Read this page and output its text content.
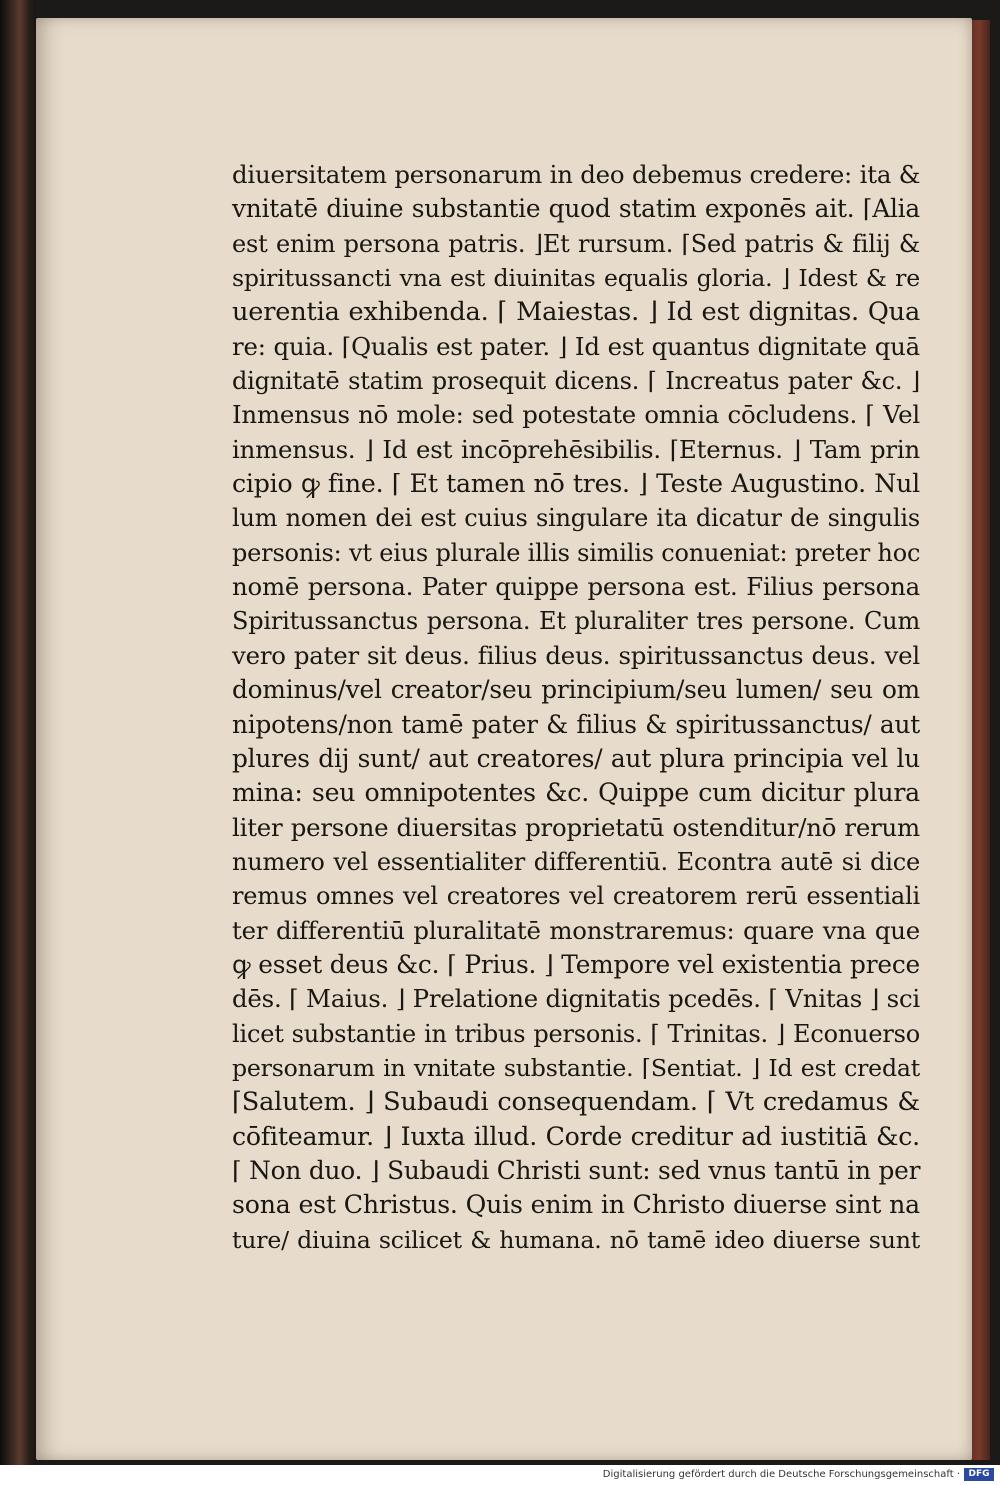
diuersitatem personarum in deo debemus credere: ita &
vnitatē diuine substantie quod statim exponēs ait. ⌈Alia
est enim persona patris. ⌋Et rursum. ⌈Sed patris & filij &
spiritussancti vna est diuinitas equalis gloria. ⌋ Idest & re
uerentia exhibenda. ⌈ Maiestas. ⌋ Id est dignitas. Qua
re: quia. ⌈Qualis est pater. ⌋ Id est quantus dignitate quā
dignitatē statim prosequit dicens. ⌈ Increatus pater &c. ⌋
Inmensus nō mole: sed potestate omnia cōcludens. ⌈ Vel
inmensus. ⌋ Id est incōprehēsibilis. ⌈Eternus. ⌋ Tam prin
cipio ꝙ fine. ⌈ Et tamen nō tres. ⌋ Teste Augustino. Nul
lum nomen dei est cuius singulare ita dicatur de singulis
personis: vt eius plurale illis similis conueniat: preter hoc
nomē persona. Pater quippe persona est. Filius persona
Spiritussanctus persona. Et pluraliter tres persone. Cum
vero pater sit deus. filius deus. spiritussanctus deus. vel
dominus/vel creator/seu principium/seu lumen/ seu om
nipotens/non tamē pater & filius & spiritussanctus/ aut
plures dij sunt/ aut creatores/ aut plura principia vel lu
mina: seu omnipotentes &c. Quippe cum dicitur plura
liter persone diuersitas proprietatū ostenditur/nō rerum
numero vel essentialiter differentiū. Econtra autē si dice
remus omnes vel creatores vel creatorem rerū essentiali
ter differentiū pluralitatē monstraremus: quare vna que
ꝙ esset deus &c. ⌈ Prius. ⌋ Tempore vel existentia prece
dēs. ⌈ Maius. ⌋ Prelatione dignitatis pcedēs. ⌈ Vnitas ⌋ sci
licet substantie in tribus personis. ⌈ Trinitas. ⌋ Econuerso
personarum in vnitate substantie. ⌈Sentiat. ⌋ Id est credat
⌈Salutem. ⌋ Subaudi consequendam. ⌈ Vt credamus &
cōfiteamur. ⌋ Iuxta illud. Corde creditur ad iustitiā &c.
⌈ Non duo. ⌋ Subaudi Christi sunt: sed vnus tantū in per
sona est Christus. Quis enim in Christo diuerse sint na
ture/ diuina scilicet & humana. nō tamē ideo diuerse sunt
Digitalisierung gefördert durch die Deutsche Forschungsgemeinschaft · DFG
